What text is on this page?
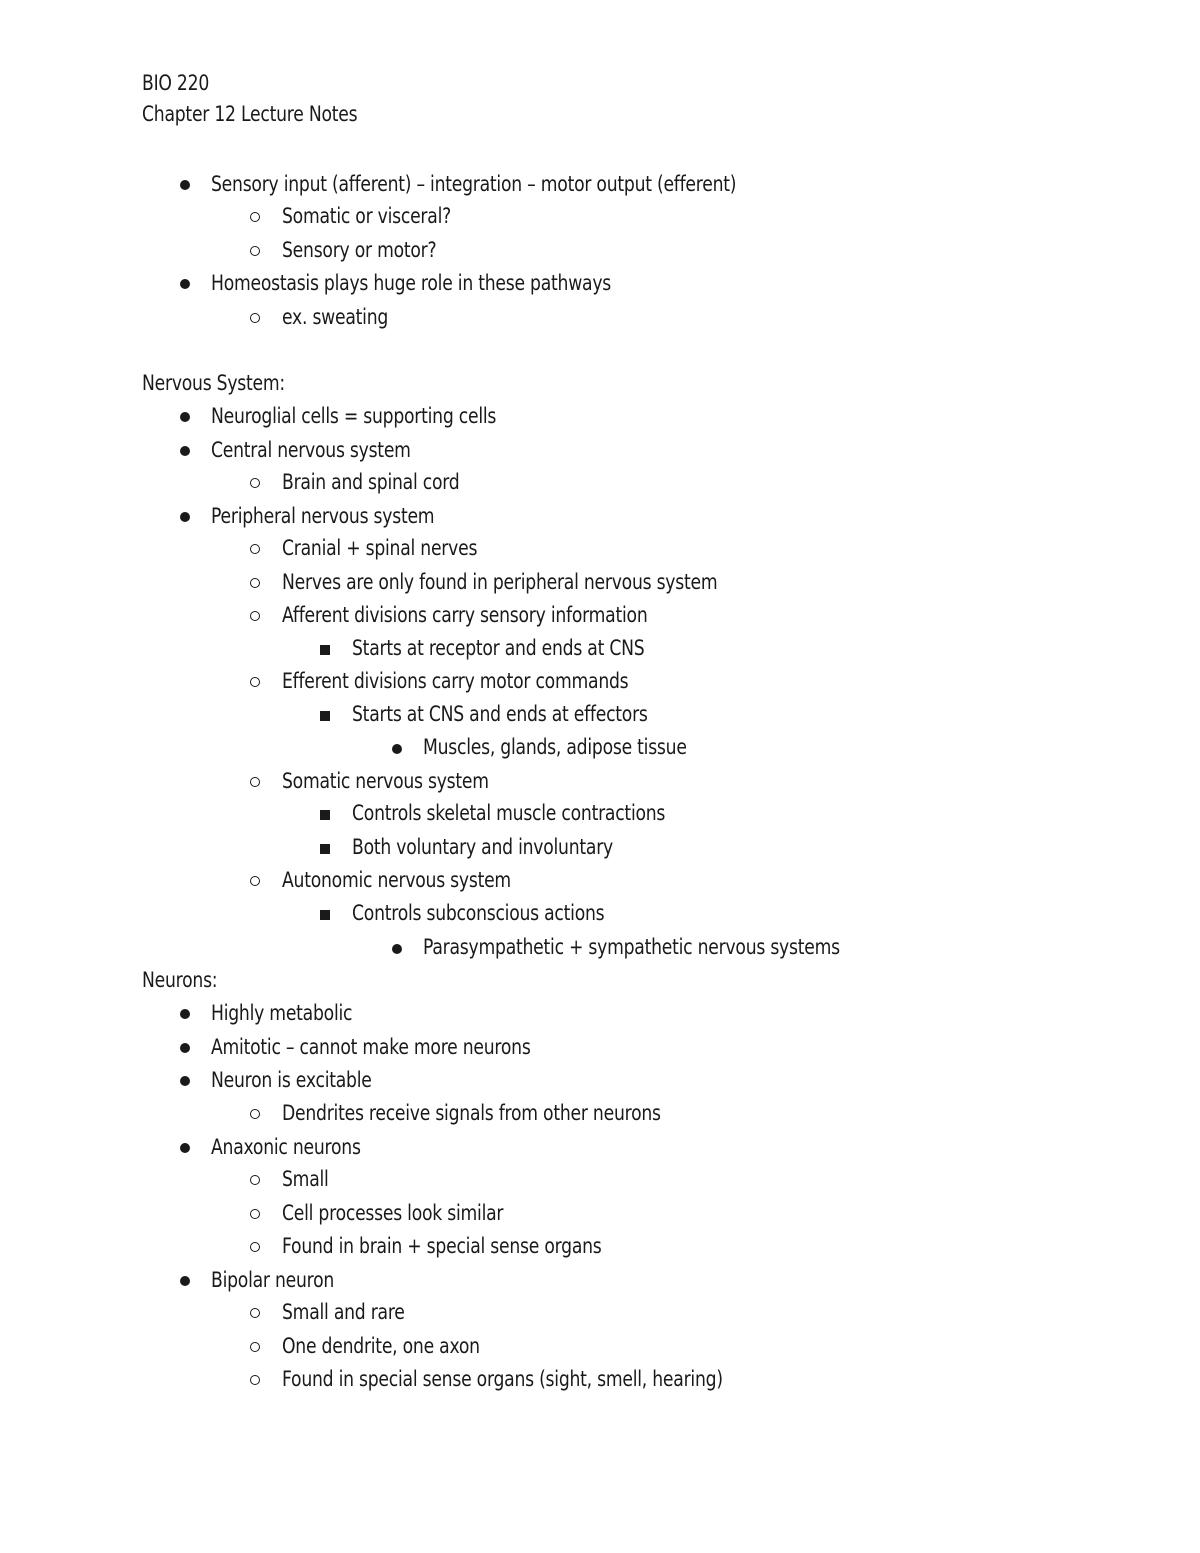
BIO 220
Chapter 12 Lecture Notes
Sensory input (afferent) – integration – motor output (efferent)
Somatic or visceral?
Sensory or motor?
Homeostasis plays huge role in these pathways
ex. sweating
Nervous System:
Neuroglial cells = supporting cells
Central nervous system
Brain and spinal cord
Peripheral nervous system
Cranial + spinal nerves
Nerves are only found in peripheral nervous system
Afferent divisions carry sensory information
Starts at receptor and ends at CNS
Efferent divisions carry motor commands
Starts at CNS and ends at effectors
Muscles, glands, adipose tissue
Somatic nervous system
Controls skeletal muscle contractions
Both voluntary and involuntary
Autonomic nervous system
Controls subconscious actions
Parasympathetic + sympathetic nervous systems
Neurons:
Highly metabolic
Amitotic – cannot make more neurons
Neuron is excitable
Dendrites receive signals from other neurons
Anaxonic neurons
Small
Cell processes look similar
Found in brain + special sense organs
Bipolar neuron
Small and rare
One dendrite, one axon
Found in special sense organs (sight, smell, hearing)
